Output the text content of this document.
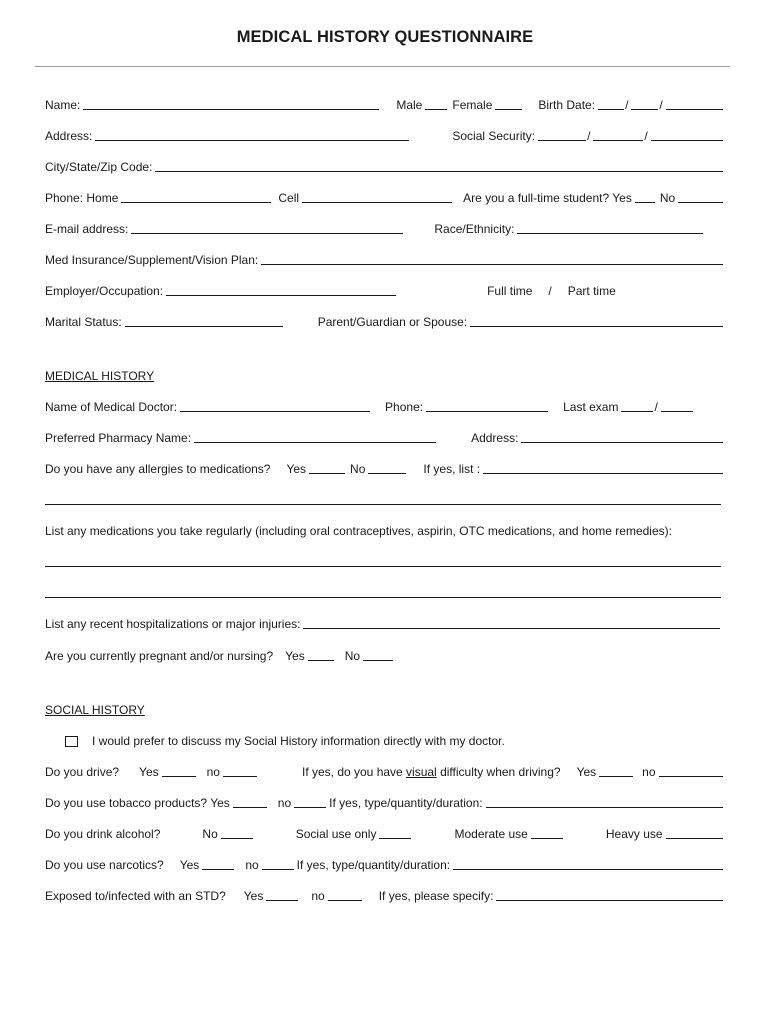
MEDICAL HISTORY QUESTIONNAIRE
Name:	Male	Female	Birth Date:	/	/
Address:	Social Security:	/	/
City/State/Zip Code:
Phone: Home	Cell	Are you a full-time student? Yes No
E-mail address:	Race/Ethnicity:
Med Insurance/Supplement/Vision Plan:
Employer/Occupation:	Full time / Part time
Marital Status:	Parent/Guardian or Spouse:
MEDICAL HISTORY
Name of Medical Doctor:	Phone:	Last exam	/
Preferred Pharmacy Name:	Address:
Do you have any allergies to medications? Yes	No	If yes, list :
List any medications you take regularly (including oral contraceptives, aspirin, OTC medications, and home remedies):
List any recent hospitalizations or major injuries:
Are you currently pregnant and/or nursing? Yes	No
SOCIAL HISTORY
I would prefer to discuss my Social History information directly with my doctor.
Do you drive? Yes	no	If yes, do you have visual difficulty when driving? Yes	no
Do you use tobacco products? Yes	no	If yes, type/quantity/duration:
Do you drink alcohol?	No	Social use only	Moderate use	Heavy use
Do you use narcotics? Yes	no	If yes, type/quantity/duration:
Exposed to/infected with an STD? Yes	no	If yes, please specify:
